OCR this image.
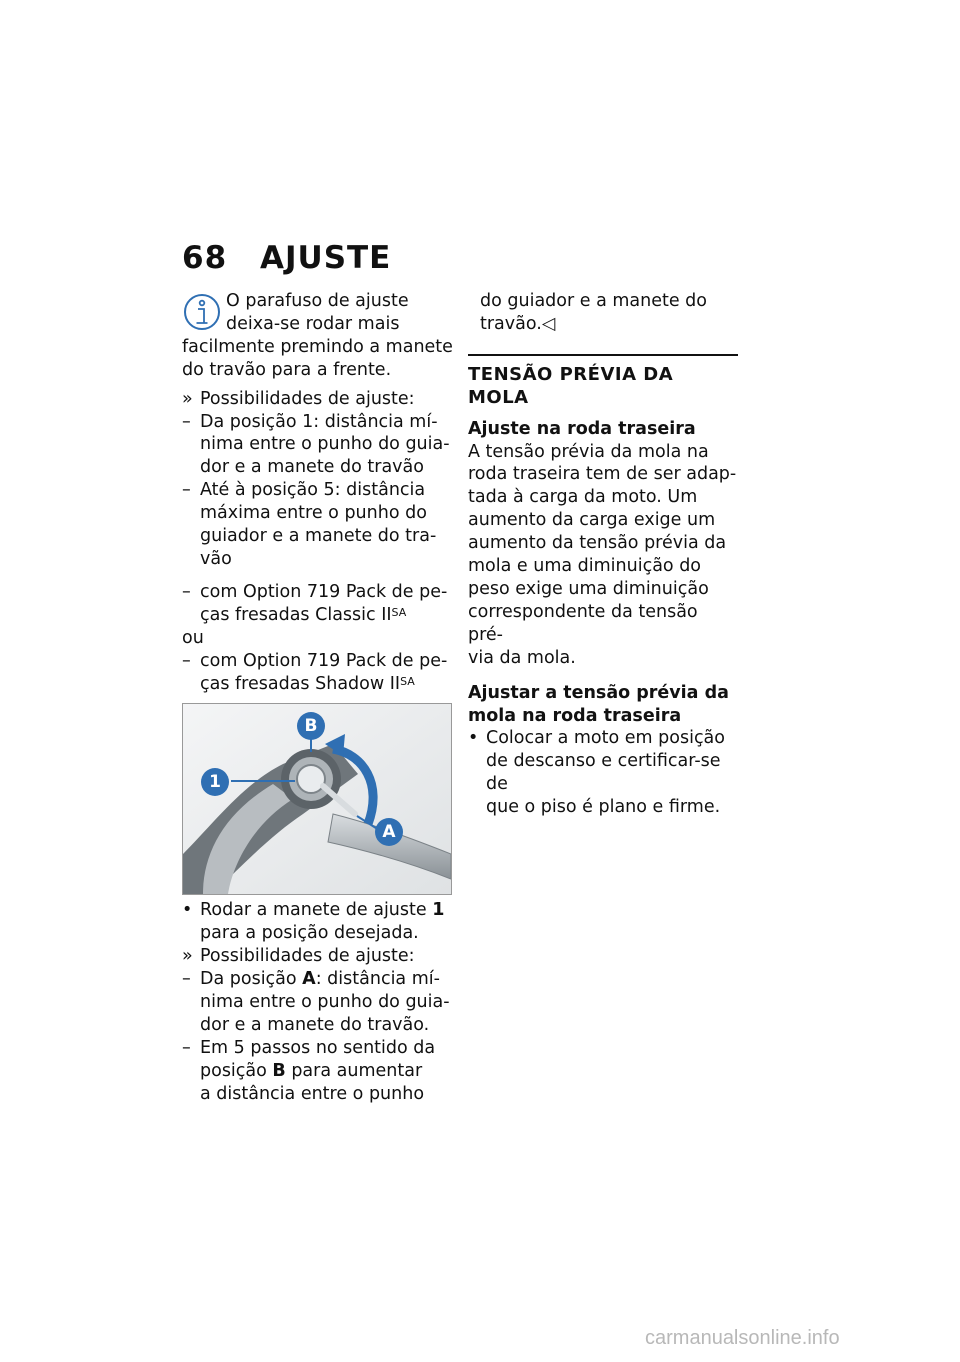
68 AJUSTE

O parafuso de ajuste

deixa-se rodar mais

facilmente premindo a manete

do travão para a frente.

» Possibilidades de ajuste:
– Da posição 1: distância mí-

nima entre o punho do guia-

dor e a manete do travão

– Até à posição 5: distância

máxima entre o punho do

guiador e a manete do tra-

vão

– com Option 719 Pack de pe-

ças fresadas Classic $II^{SA}$

ou

– com Option 719 Pack de pe-

ças fresadas Shadow $II^{SA}$

1
B
A
• Rodar a manete de ajuste 1

para a posição desejada.

» Possibilidades de ajuste:
– Da posição A: distância mí-

nima entre o punho do guia-

dor e a manete do travão.

– Em 5 passos no sentido da

posição B para aumentar

a distância entre o punho

do guiador e a manete do

travão.◁

TENSÃO PRÉVIA DA MOLA

Ajuste na roda traseira

A tensão prévia da mola na

roda traseira tem de ser adap-

tada à carga da moto. Um

aumento da carga exige um

aumento da tensão prévia da

mola e uma diminuição do

peso exige uma diminuição

correspondente da tensão pré-

via da mola.

Ajustar a tensão prévia da

mola na roda traseira

• Colocar a moto em posição

de descanso e certificar-se de

que o piso é plano e firme.

carmanualsonline.info
